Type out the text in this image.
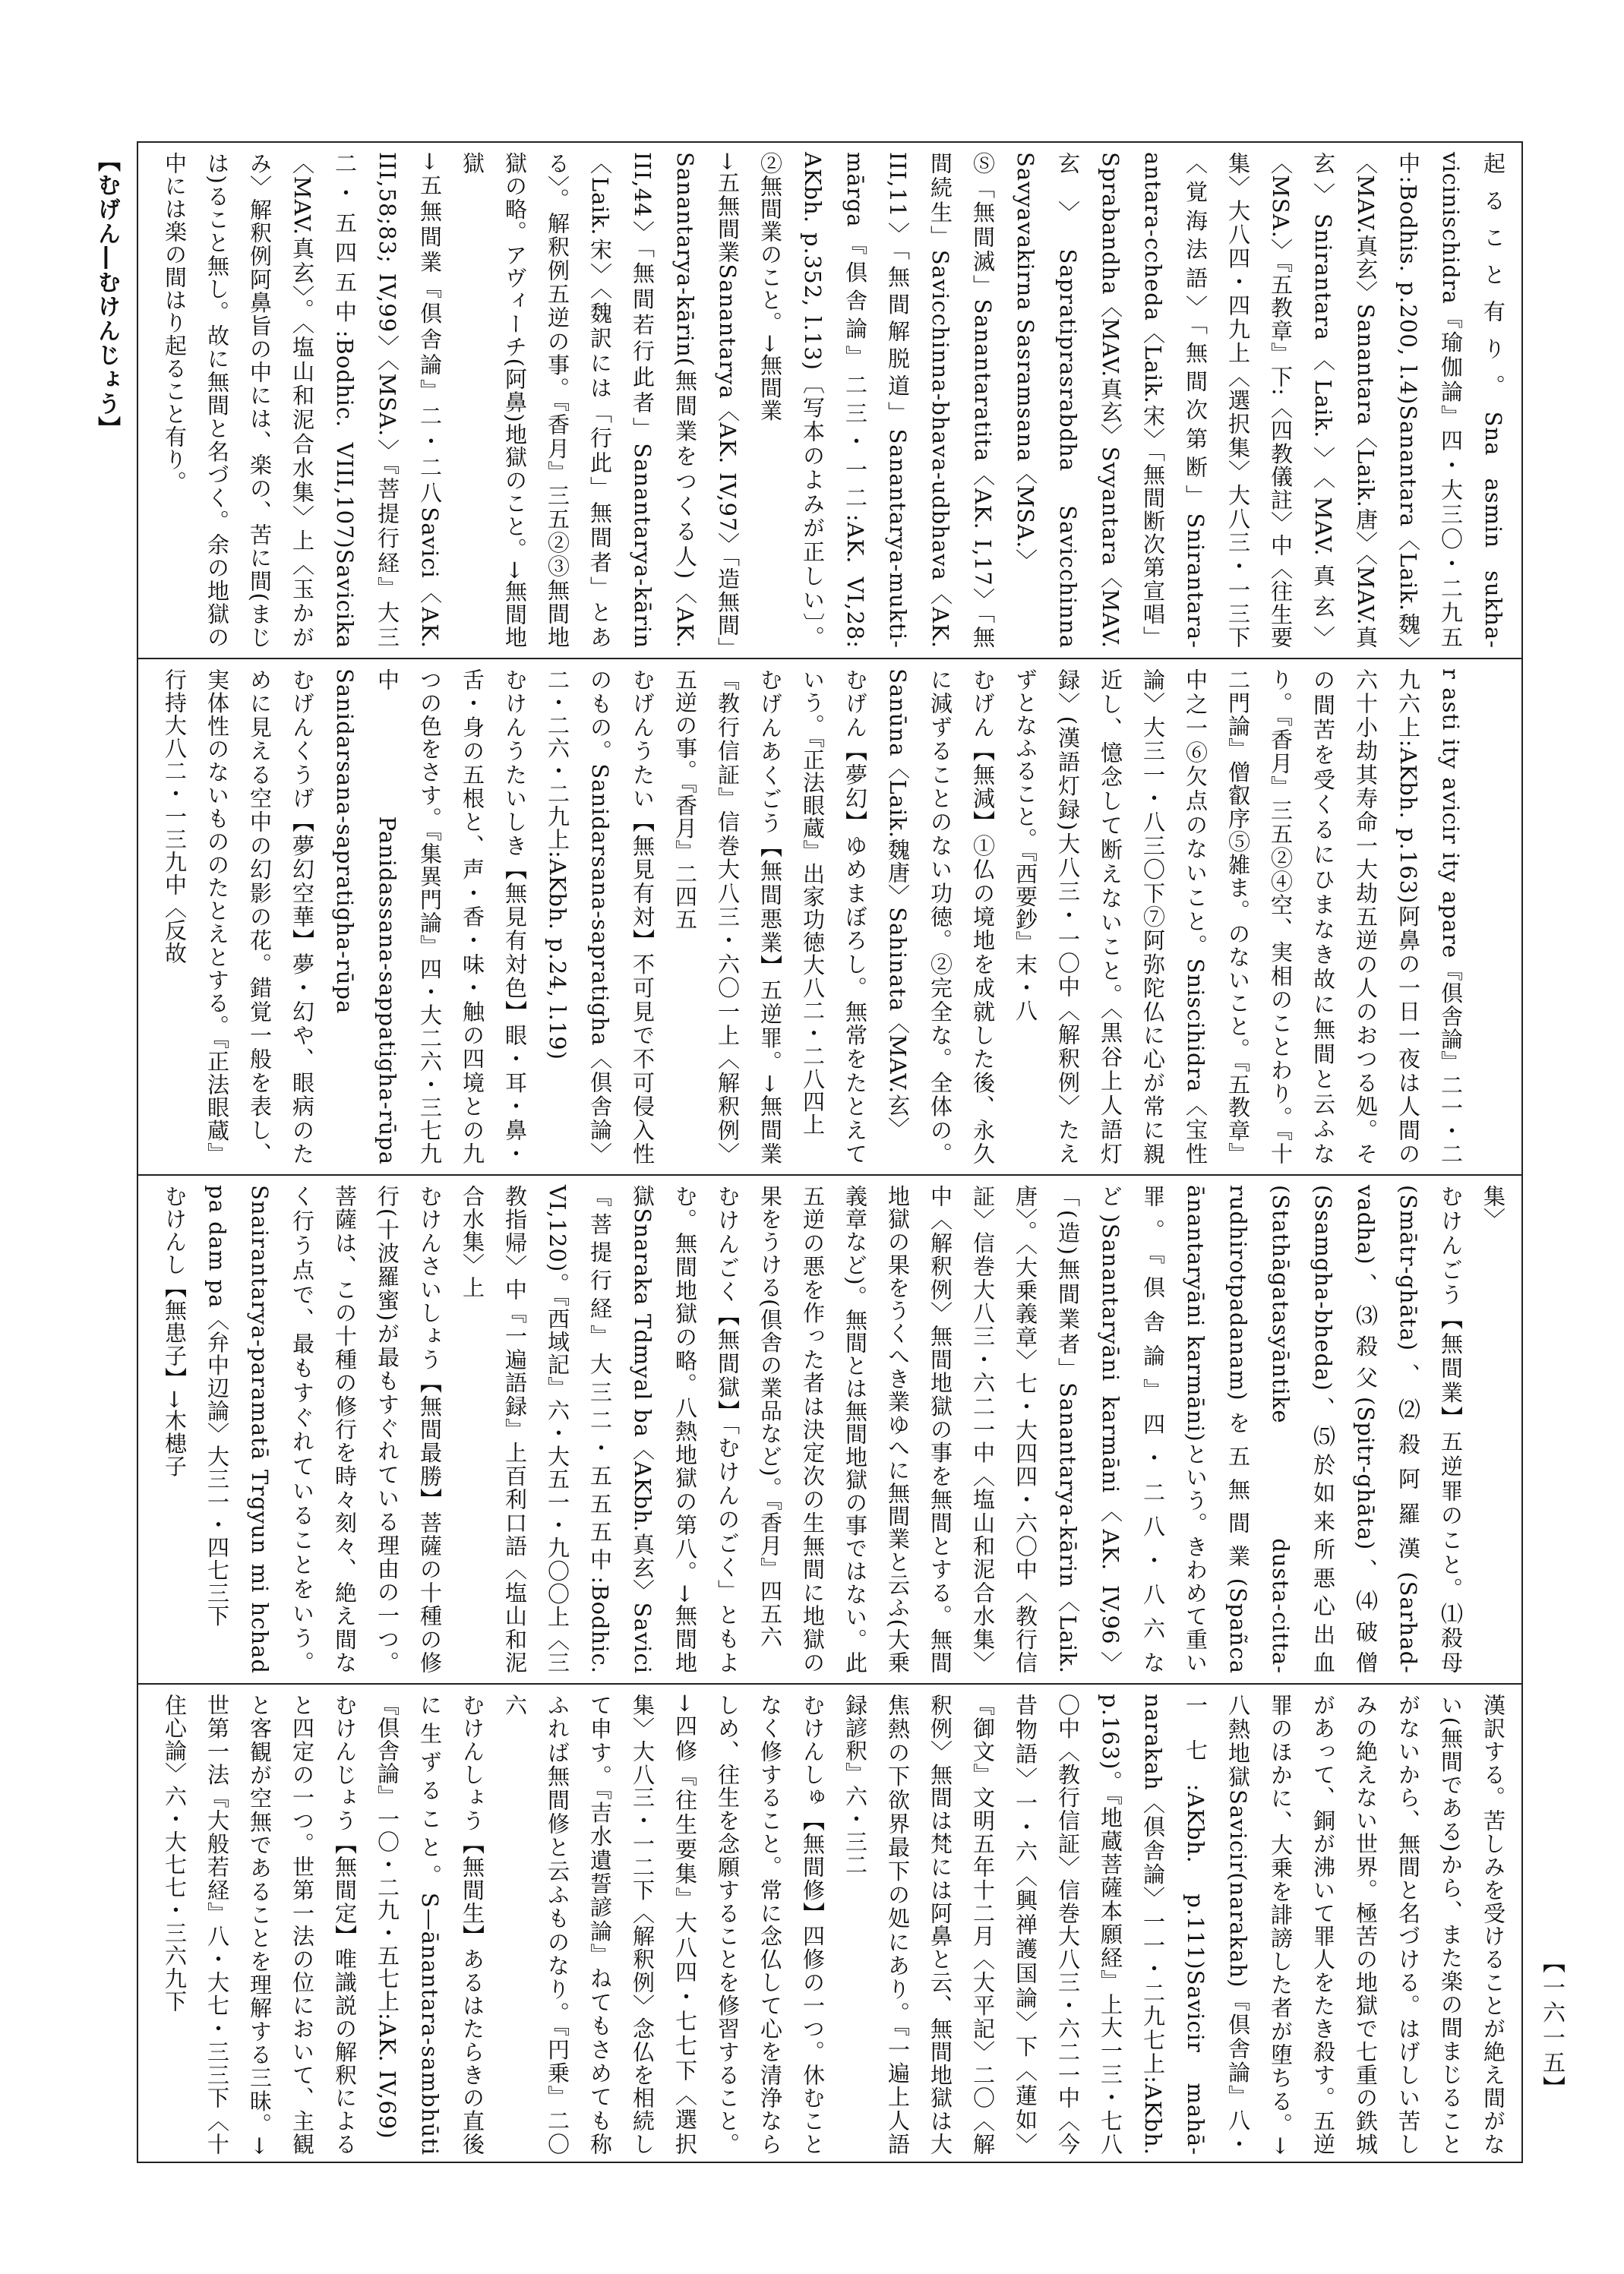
【むげん―むけんじょう】	起ること有り。Sna asmin sukha-vicinischidra『瑜伽論』四・大三〇・二九五中:Bodhis. p.200, l.4)Sanantara〈Laik.魏〉〈MAV.真玄〉Sanantara〈Laik.唐〉〈MAV.真玄〉Snirantara〈Laik.〉〈MAV.真玄〉〈MSA.〉『五教章』下:〈四教儀註〉中〈往生要集〉大八四・四九上〈選択集〉大八三・一三下〈覚海法語〉「無間次第断」Snirantara-antara-ccheda〈Laik.宋〉「無間断次第宣唱」Sprabandha〈MAV.真玄〉Svyantara〈MAV.玄〉Sapratiprasrabdha Savicchinna Savyavakirna Sasramsana〈MSA.〉

Ⓢ「無間滅」Sanantaratita〈AK. I,17〉「無間続生」Savicchinna-bhava-udbhava〈AK. III,11〉「無間解脱道」Sanantarya-mukti-mārga『倶舎論』二三・一二:AK. VI,28: AKbh. p.352, l.13)〔写本のよみが正しい〕。②無間業のこと。→無間業

→五無間業Sanantarya〈AK. IV,97〉「造無間」Sanantarya-kārin(無間業をつくる人)〈AK. III,44〉「無間若行此者」Sanantarya-kārin〈Laik.宋〉〈魏訳には「行此」無間者」とある〉。解釈例五逆の事。『香月』三五②③無間地獄の略。アヴィーチ(阿鼻)地獄のこと。→無間地獄

→五無間業『倶舎論』二・二八Savici〈AK. III,58;83; IV,99〉〈MSA.〉『菩提行経』大三二・五四五中:Bodhic. VIII,107)Savicika〈MAV.真玄〉。〈塩山和泥合水集〉上〈玉かがみ〉解釈例阿鼻旨の中には、楽の、苦に間(まじは)ること無し。故に無間と名づく。余の地獄の中には楽の間はり起ること有り。

r asti ity avicir ity apare『倶舎論』二一・二九六上:AKbh. p.163)阿鼻の一日一夜は人間の六十小劫其寿命一大劫五逆の人のおつる処。その間苦を受くるにひまなき故に無間と云ふなり。『香月』三五②④空、実相のことわり。『十二門論』僧叡序⑤雑ま。のないこと。『五教章』中之一⑥欠点のないこと。Sniscihidra〈宝性論〉大三一・八三〇下⑦阿弥陀仏に心が常に親近し、憶念して断えないこと。〈黒谷上人語灯録〉(漢語灯録)大八三・一〇中〈解釈例〉たえずとなふること。『西要鈔』末・八

むげん【無減】①仏の境地を成就した後、永久に減ずることのない功徳。②完全な。全体の。Sanūna〈Laik.魏唐〉Sahinata〈MAV.玄〉

むげん【夢幻】ゆめまぼろし。無常をたとえていう。『正法眼蔵』出家功徳大八二・二八四上

むげんあくごう【無間悪業】五逆罪。→無間業『教行信証』信巻大八三・六〇一上〈解釈例〉五逆の事。『香月』二四五

むげんうたい【無見有対】不可見で不可侵入性のもの。Sanidarsana-sapratigha〈倶舎論〉二・二六・二九上:AKbh. p.24, l.19)

むけんうたいしき【無見有対色】眼・耳・鼻・舌・身の五根と、声・香・味・触の四境との九つの色をさす。『集異門論』四・大二六・三七九中 Panidassana-sappatigha-rūpa Sanidarsana-sapratigha-rūpa

むげんくうげ【夢幻空華】夢・幻や、眼病のために見える空中の幻影の花。錯覚一般を表し、実体性のないもののたとえとする。『正法眼蔵』行持大八二・一三九中〈反故

集〉

むけんごう【無間業】五逆罪のこと。⑴殺母(Smātr-ghāta)、⑵殺阿羅漢(Sarhad-vadha)、⑶殺父(Spitr-ghāta)、⑷破僧(Ssamgha-bheda)、⑸於如来所悪心出血(Stathāgatasyāntike dusta-citta-rudhirotpadanam)を五無間業(Spañca ānantaryāni karmāni)という。きわめて重い罪。『倶舎論』四・二八・八六など)Sanantaryāni karmāni〈AK. IV,96〉「(造)無間業者」Sanantarya-kārin〈Laik.唐〉。〈大乗義章〉七・大四四・六〇中〈教行信証〉信巻大八三・六二一中〈塩山和泥合水集〉中〈解釈例〉無間地獄の事を無間とする。無間地獄の果をうくへき業ゆへに無間業と云ふ(大乗義章など)。無間とは無間地獄の事ではない。此五逆の悪を作った者は決定次の生無間に地獄の果をうける(倶舎の業品など)。『香月』四五六

むけんごく【無間獄】「むけんのごく」ともよむ。無間地獄の略。八熱地獄の第八。→無間地獄Snaraka Tdmyal ba〈AKbh.真玄〉Savici『菩提行経』大三二・五五五中:Bodhic. VI,120)。『西域記』六・大五一・九〇〇上〈三教指帰〉中『一遍語録』上百利口語〈塩山和泥合水集〉上

むけんさいしょう【無間最勝】菩薩の十種の修行(十波羅蜜)が最もすぐれている理由の一つ。菩薩は、この十種の修行を時々刻々、絶え間なく行う点で、最もすぐれていることをいう。Snairantarya-paramatā Trgyun mi hchad pa dam pa〈弁中辺論〉大三一・四七三下

むけんし【無患子】→木槵子

漢訳する。苦しみを受けることが絶え間がない(無間である)から、また楽の間まじることがないから、無間と名づける。はげしい苦しみの絶えない世界。極苦の地獄で七重の鉄城があって、銅が沸いて罪人をたき殺す。五逆罪のほかに、大乗を誹謗した者が堕ちる。→八熱地獄Savicir(narakah)『倶舎論』八・一七:AKbh. p.111)Savicir mahā-narakah〈倶舎論〉一一・二九七上:AKbh. p.163)。『地蔵菩薩本願経』上大一三・七八〇中〈教行信証〉信巻大八三・六二一中〈今昔物語〉一・六〈興禅護国論〉下〈蓮如〉『御文』文明五年十二月〈大平記〉二〇〈解釈例〉無間は梵には阿鼻と云、無間地獄は大焦熱の下欲界最下の処にあり。『一遍上人語録諺釈』六・三二

むけんしゅ【無間修】四修の一つ。休むことなく修すること。常に念仏して心を清浄ならしめ、往生を念願することを修習すること。→四修『往生要集』大八四・七七下〈選択集〉大八三・一二下〈解釈例〉念仏を相続して申す。『吉水遺誓諺論』ねてもさめても称ふれば無間修と云ふものなり。『円乗』二〇六

むけんしょう【無間生】あるはたらきの直後に生ずること。S—ānantara-sambhūti『倶舎論』一〇・二九・五七上:AK. IV,69)

むけんじょう【無間定】唯識説の解釈によると四定の一つ。世第一法の位において、主観と客観が空無であることを理解する三昧。→世第一法『大般若経』八・大七・三三下〈十住心論〉六・大七七・三六九下

【一六一五】
